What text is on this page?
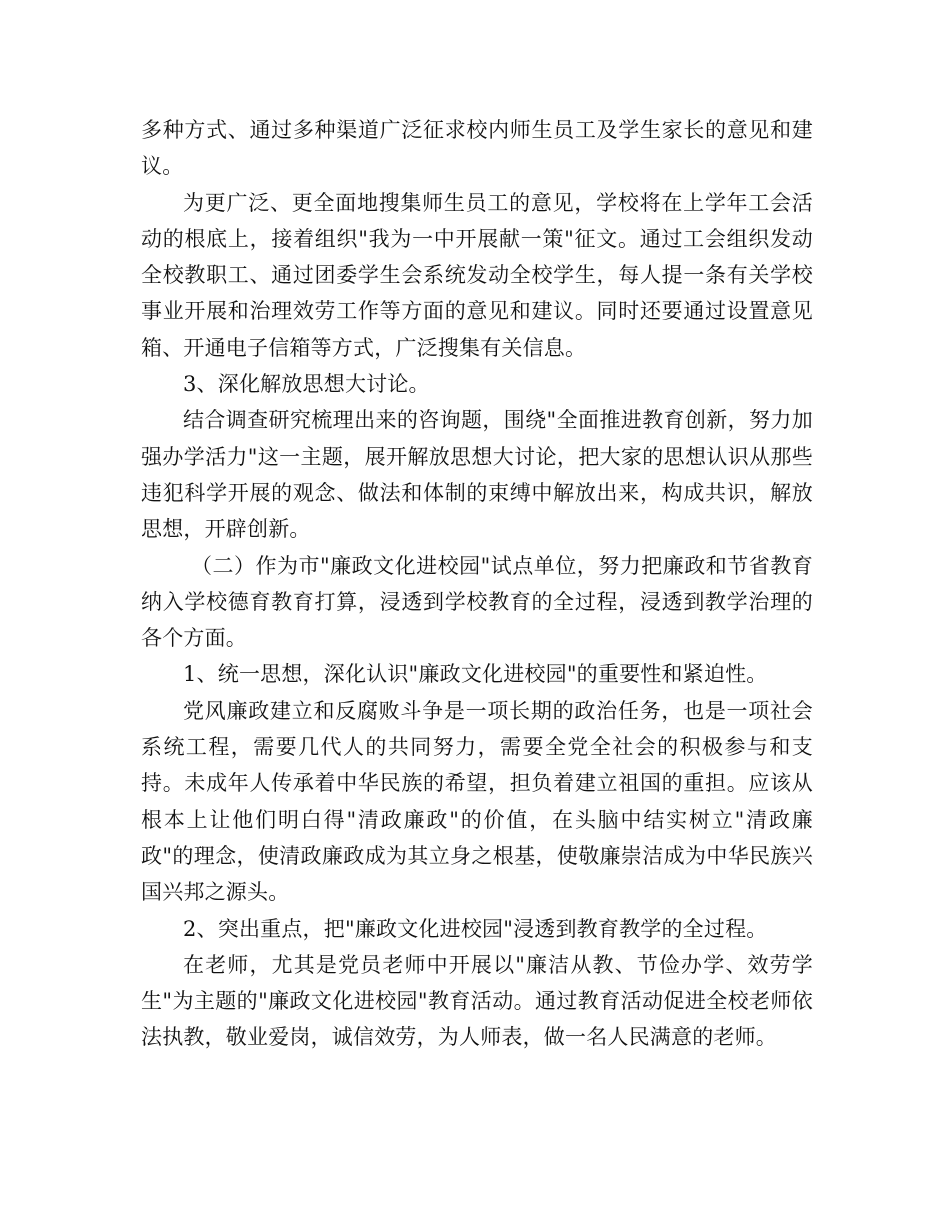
多种方式、通过多种渠道广泛征求校内师生员工及学生家长的意见和建议。

为更广泛、更全面地搜集师生员工的意见，学校将在上学年工会活动的根底上，接着组织"我为一中开展献一策"征文。通过工会组织发动全校教职工、通过团委学生会系统发动全校学生，每人提一条有关学校事业开展和治理效劳工作等方面的意见和建议。同时还要通过设置意见箱、开通电子信箱等方式，广泛搜集有关信息。

3、深化解放思想大讨论。

结合调查研究梳理出来的咨询题，围绕"全面推进教育创新，努力加强办学活力"这一主题，展开解放思想大讨论，把大家的思想认识从那些违犯科学开展的观念、做法和体制的束缚中解放出来，构成共识，解放思想，开辟创新。

（二）作为市"廉政文化进校园"试点单位，努力把廉政和节省教育纳入学校德育教育打算，浸透到学校教育的全过程，浸透到教学治理的各个方面。

1、统一思想，深化认识"廉政文化进校园"的重要性和紧迫性。

党风廉政建立和反腐败斗争是一项长期的政治任务，也是一项社会系统工程，需要几代人的共同努力，需要全党全社会的积极参与和支持。未成年人传承着中华民族的希望，担负着建立祖国的重担。应该从根本上让他们明白得"清政廉政"的价值，在头脑中结实树立"清政廉政"的理念，使清政廉政成为其立身之根基，使敬廉崇洁成为中华民族兴国兴邦之源头。

2、突出重点，把"廉政文化进校园"浸透到教育教学的全过程。

在老师，尤其是党员老师中开展以"廉洁从教、节俭办学、效劳学生"为主题的"廉政文化进校园"教育活动。通过教育活动促进全校老师依法执教，敬业爱岗，诚信效劳，为人师表，做一名人民满意的老师。
